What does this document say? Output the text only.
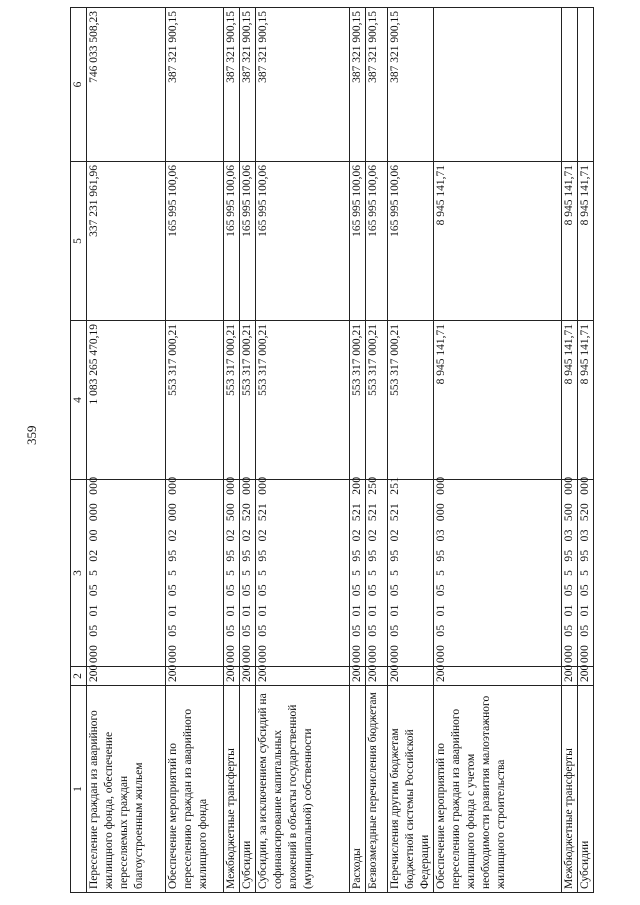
359
1	2	3	4	5	6
Переселение граждан из аварийного жилищного фонда, обеспечение переселяемых граждан благоустроенным жильем	200	000 05 01 05 5 02 00 000 000	1 083 265 470,19	337 231 961,96	746 033 508,23
Обеспечение мероприятий по переселению граждан из аварийного жилищного фонда	200	000 05 01 05 5 95 02 000 000	553 317 000,21	165 995 100,06	387 321 900,15
Межбюджетные трансферты	200	000 05 01 05 5 95 02 500 000	553 317 000,21	165 995 100,06	387 321 900,15
Субсидии	200	000 05 01 05 5 95 02 520 000	553 317 000,21	165 995 100,06	387 321 900,15
Субсидии, за исключением субсидий на софинансирование капитальных вложений в объекты государственной (муниципальной) собственности	200	000 05 01 05 5 95 02 521 000	553 317 000,21	165 995 100,06	387 321 900,15
Расходы	200	000 05 01 05 5 95 02 521 200	553 317 000,21	165 995 100,06	387 321 900,15
Безвозмездные перечисления бюджетам	200	000 05 01 05 5 95 02 521 250	553 317 000,21	165 995 100,06	387 321 900,15
Перечисления другим бюджетам бюджетной системы Российской Федерации	200	000 05 01 05 5 95 02 521 251	553 317 000,21	165 995 100,06	387 321 900,15
Обеспечение мероприятий по переселению граждан из аварийного жилищного фонда с учетом необходимости развития малоэтажного жилищного строительства	200	000 05 01 05 5 95 03 000 000	8 945 141,71	8 945 141,71	
Межбюджетные трансферты	200	000 05 01 05 5 95 03 500 000	8 945 141,71	8 945 141,71	
Субсидии	200	000 05 01 05 5 95 03 520 000	8 945 141,71	8 945 141,71	
